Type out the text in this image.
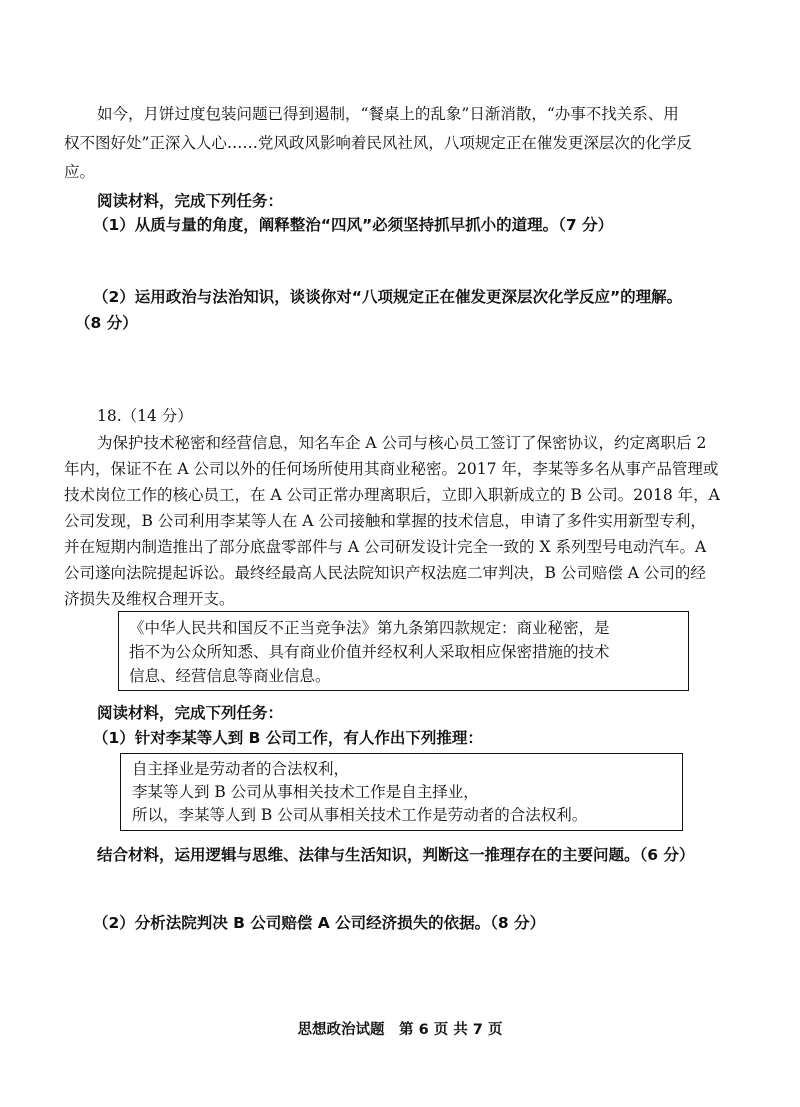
如今，月饼过度包装问题已得到遏制，“餐桌上的乱象”日渐消散，“办事不找关系、用
权不图好处”正深入人心……党风政风影响着民风社风，八项规定正在催发更深层次的化学反
应。
阅读材料，完成下列任务：
（1）从质与量的角度，阐释整治“四风”必须坚持抓早抓小的道理。（7 分）
（2）运用政治与法治知识，谈谈你对“八项规定正在催发更深层次化学反应”的理解。
（8 分）
18.（14 分）
为保护技术秘密和经营信息，知名车企 A 公司与核心员工签订了保密协议，约定离职后 2
年内，保证不在 A 公司以外的任何场所使用其商业秘密。2017 年，李某等多名从事产品管理或
技术岗位工作的核心员工，在 A 公司正常办理离职后，立即入职新成立的 B 公司。2018 年，A
公司发现，B 公司利用李某等人在 A 公司接触和掌握的技术信息，申请了多件实用新型专利，
并在短期内制造推出了部分底盘零部件与 A 公司研发设计完全一致的 X 系列型号电动汽车。A
公司遂向法院提起诉讼。最终经最高人民法院知识产权法庭二审判决，B 公司赔偿 A 公司的经
济损失及维权合理开支。
《中华人民共和国反不正当竞争法》第九条第四款规定：商业秘密，是
指不为公众所知悉、具有商业价值并经权利人采取相应保密措施的技术
信息、经营信息等商业信息。
阅读材料，完成下列任务：
（1）针对李某等人到 B 公司工作，有人作出下列推理：
自主择业是劳动者的合法权利，
李某等人到 B 公司从事相关技术工作是自主择业，
所以，李某等人到 B 公司从事相关技术工作是劳动者的合法权利。
结合材料，运用逻辑与思维、法律与生活知识，判断这一推理存在的主要问题。（6 分）
（2）分析法院判决 B 公司赔偿 A 公司经济损失的依据。（8 分）
思想政治试题　第 6 页 共 7 页
